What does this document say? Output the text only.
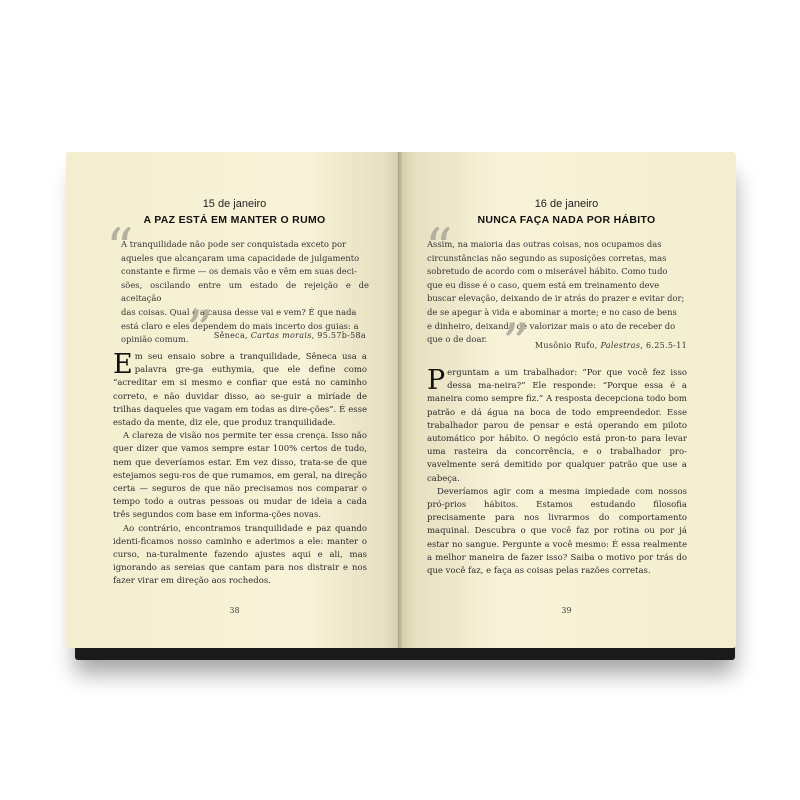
15 de janeiro
A PAZ ESTÁ EM MANTER O RUMO
“
A tranquilidade não pode ser conquistada exceto por
aqueles que alcançaram uma capacidade de julgamento
constante e firme — os demais vão e vêm em suas deci-
sões, oscilando entre um estado de rejeição e de aceitação
das coisas. Qual é a causa desse vai e vem? É que nada
está claro e eles dependem do mais incerto dos guias: a
opinião comum.
” Sêneca, Cartas morais, 95.57b-58a

Em seu ensaio sobre a tranquilidade, Sêneca usa a palavra gre-ga euthymia, que ele define como “acreditar em si mesmo e confiar que está no caminho correto, e não duvidar disso, ao se-guir a miríade de trilhas daqueles que vagam em todas as dire-ções”. É esse estado da mente, diz ele, que produz tranquilidade.

A clareza de visão nos permite ter essa crença. Isso não quer dizer que vamos sempre estar 100% certos de tudo, nem que deveríamos estar. Em vez disso, trata-se de que estejamos segu-ros de que rumamos, em geral, na direção certa — seguros de que não precisamos nos comparar o tempo todo a outras pessoas ou mudar de ideia a cada três segundos com base em informa-ções novas.

Ao contrário, encontramos tranquilidade e paz quando identi-ficamos nosso caminho e aderimos a ele: manter o curso, na-turalmente fazendo ajustes aqui e ali, mas ignorando as sereias que cantam para nos distrair e nos fazer virar em direção aos rochedos.

38
16 de janeiro
NUNCA FAÇA NADA POR HÁBITO
“
Assim, na maioria das outras coisas, nos ocupamos das
circunstâncias não segundo as suposições corretas, mas
sobretudo de acordo com o miserável hábito. Como tudo
que eu disse é o caso, quem está em treinamento deve
buscar elevação, deixando de ir atrás do prazer e evitar dor;
de se apegar à vida e abominar a morte; e no caso de bens
e dinheiro, deixando de valorizar mais o ato de receber do
que o de doar. ” Musônio Rufo, Palestras, 6.25.5-11

Perguntam a um trabalhador: “Por que você fez isso dessa ma-neira?” Ele responde: “Porque essa é a maneira como sempre fiz.” A resposta decepciona todo bom patrão e dá água na boca de todo empreendedor. Esse trabalhador parou de pensar e está operando em piloto automático por hábito. O negócio está pron-to para levar uma rasteira da concorrência, e o trabalhador pro-vavelmente será demitido por qualquer patrão que use a cabeça.

Deveríamos agir com a mesma impiedade com nossos pró-prios hábitos. Estamos estudando filosofia precisamente para nos livrarmos do comportamento maquinal. Descubra o que você faz por rotina ou por já estar no sangue. Pergunte a você mesmo: É essa realmente a melhor maneira de fazer isso? Saiba o motivo por trás do que você faz, e faça as coisas pelas razões corretas.

39
